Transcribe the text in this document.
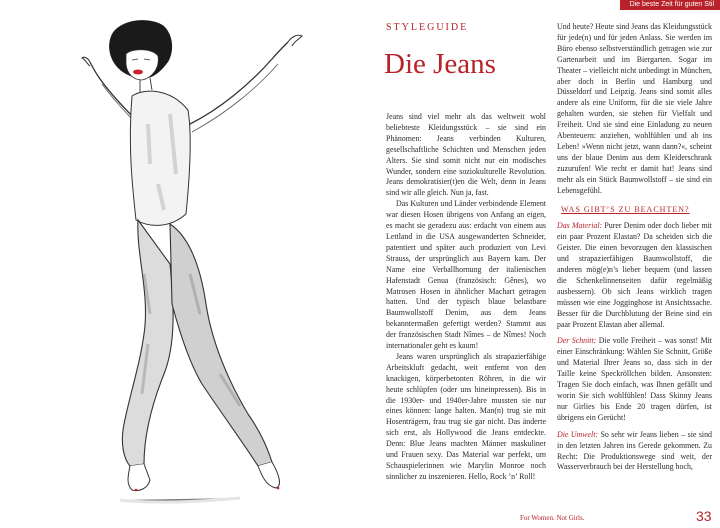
Die beste Zeit für guten Stil
STYLEGUIDE
Die Jeans

Jeans sind viel mehr als das weltweit wohl beliebteste Kleidungsstück – sie sind ein Phänomen: Jeans verbinden Kulturen, gesellschaftliche Schichten und Menschen jeden Alters. Sie sind somit nicht nur ein modisches Wunder, sondern eine soziokulturelle Revolution. Jeans demokratisier(t)en die Welt, denn in Jeans sind wir alle gleich. Nun ja, fast.

Das Kulturen und Länder verbindende Element war diesen Hosen übrigens von Anfang an eigen, es macht sie geradezu aus: erdacht von einem aus Lettland in die USA ausgewanderten Schneider, patentiert und später auch produziert von Levi Strauss, der ursprünglich aus Bayern kam. Der Name eine Verballhornung der italienischen Hafenstadt Genua (französisch: Gênes), wo Matrosen Hosen in ähnlicher Machart getragen hatten. Und der typisch blaue belastbare Baumwollstoff Denim, aus dem Jeans bekanntermaßen gefertigt werden? Stammt aus der französischen Stadt Nîmes – de Nîmes! Noch internationaler geht es kaum!

Jeans waren ursprünglich als strapazierfähige Arbeitskluft gedacht, weit entfernt von den knackigen, körperbetonten Röhren, in die wir heute schlüpfen (oder uns hineinpressen). Bis in die 1930er- und 1940er-Jahre mussten sie nur eines können: lange halten. Man(n) trug sie mit Hosenträgern, frau trug sie gar nicht. Das änderte sich erst, als Hollywood die Jeans entdeckte. Denn: Blue Jeans machten Männer maskuliner und Frauen sexy. Das Material war perfekt, um Schauspielerinnen wie Marylin Monroe noch sinnlicher zu inszenieren. Hello, Rock ’n’ Roll!

Und heute? Heute sind Jeans das Kleidungsstück für jede(n) und für jeden Anlass. Sie werden im Büro ebenso selbstverständlich getragen wie zur Gartenarbeit und im Biergarten. Sogar im Theater – vielleicht nicht unbedingt in München, aber doch in Berlin und Hamburg und Düsseldorf und Leipzig. Jeans sind somit alles andere als eine Uniform, für die sie viele Jahre gehalten wurden, sie stehen für Vielfalt und Freiheit. Und sie sind eine Einladung zu neuen Abenteuern: anziehen, wohlfühlen und ab ins Leben! »Wenn nicht jetzt, wann dann?«, scheint uns der blaue Denim aus dem Kleiderschrank zuzurufen! Wie recht er damit hat! Jeans sind mehr als ein Stück Baumwollstoff – sie sind ein Lebensgefühl.

WAS GIBT’S ZU BEACHTEN?

Das Material: Purer Denim oder doch lieber mit ein paar Prozent Elastan? Da scheiden sich die Geister. Die einen bevorzugen den klassischen und strapazierfähigen Baumwollstoff, die anderen mög(e)n’s lieber bequem (und lassen die Schenkelinnenseiten dafür regelmäßig ausbessern). Ob sich Jeans wirklich tragen müssen wie eine Jogginghose ist Ansichtssache. Besser für die Durchblutung der Beine sind ein paar Prozent Elastan aber allemal.

Der Schnitt: Die volle Freiheit – was sonst! Mit einer Einschränkung: Wählen Sie Schnitt, Größe und Material Ihrer Jeans so, dass sich in der Taille keine Speckröllchen bilden. Ansonsten: Tragen Sie doch einfach, was Ihnen gefällt und worin Sie sich wohlfühlen! Dass Skinny Jeans nur Girlies bis Ende 20 tragen dürfen, ist übrigens ein Gerücht!

Die Umwelt: So sehr wir Jeans lieben – sie sind in den letzten Jahren ins Gerede gekommen. Zu Recht: Die Produktionswege sind weit, der Wasserverbrauch bei der Herstellung hoch,

For Women. Not Girls.	33
